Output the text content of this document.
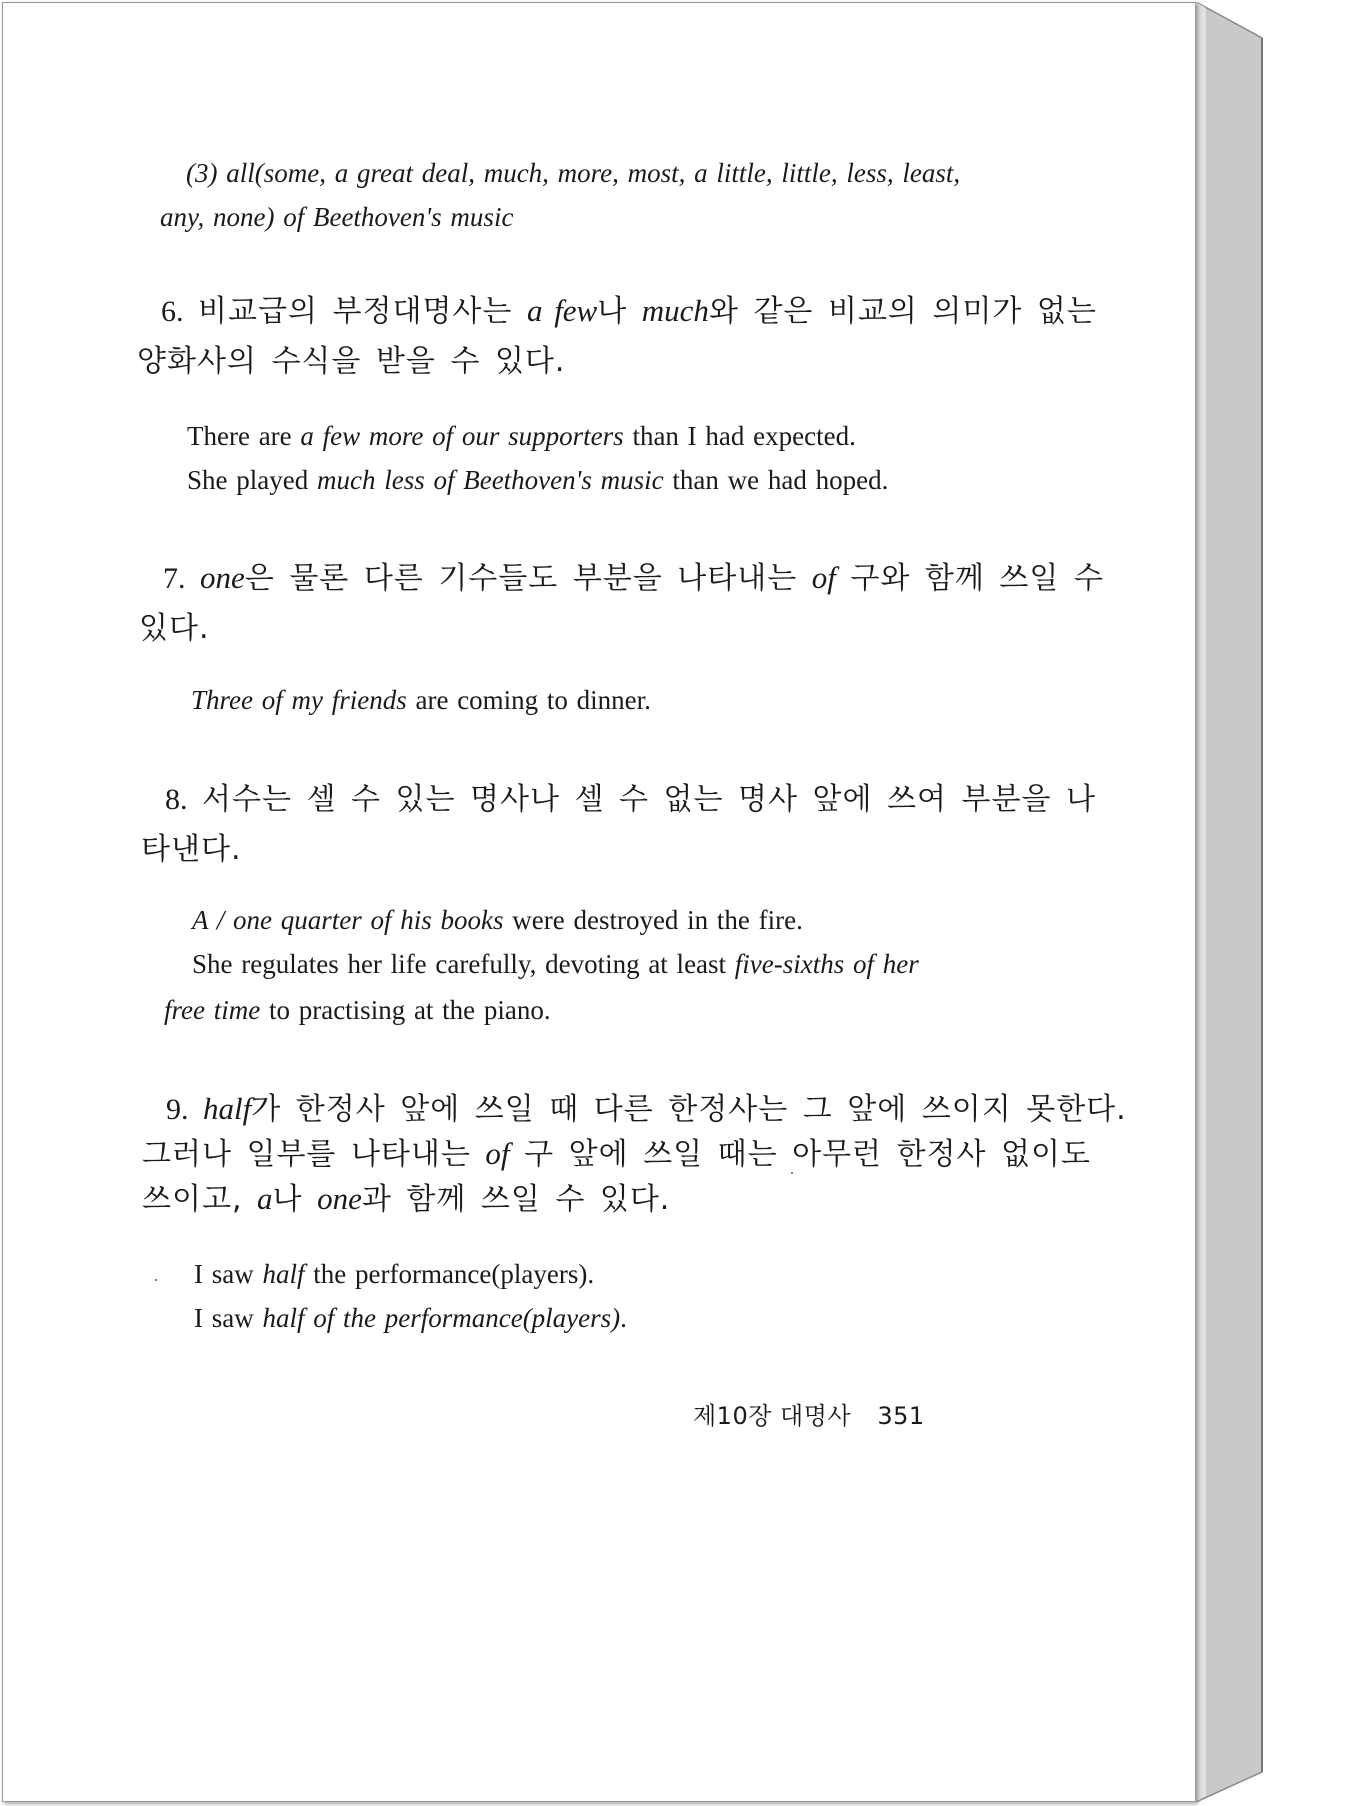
(3) all(some, a great deal, much, more, most, a little, little, less, least,
any, none) of Beethoven's music
6. 비교급의 부정대명사는 a few나 much와 같은 비교의 의미가 없는
양화사의 수식을 받을 수 있다.
There are a few more of our supporters than I had expected.
She played much less of Beethoven's music than we had hoped.
7. one은 물론 다른 기수들도 부분을 나타내는 of 구와 함께 쓰일 수
있다.
Three of my friends are coming to dinner.
8. 서수는 셀 수 있는 명사나 셀 수 없는 명사 앞에 쓰여 부분을 나
타낸다.
A / one quarter of his books were destroyed in the fire.
She regulates her life carefully, devoting at least five-sixths of her
free time to practising at the piano.
9. half가 한정사 앞에 쓰일 때 다른 한정사는 그 앞에 쓰이지 못한다.
그러나 일부를 나타내는 of 구 앞에 쓰일 때는 아무런 한정사 없이도
쓰이고, a나 one과 함께 쓰일 수 있다.
I saw half the performance(players).
I saw half of the performance(players).
제10장 대명사 351
